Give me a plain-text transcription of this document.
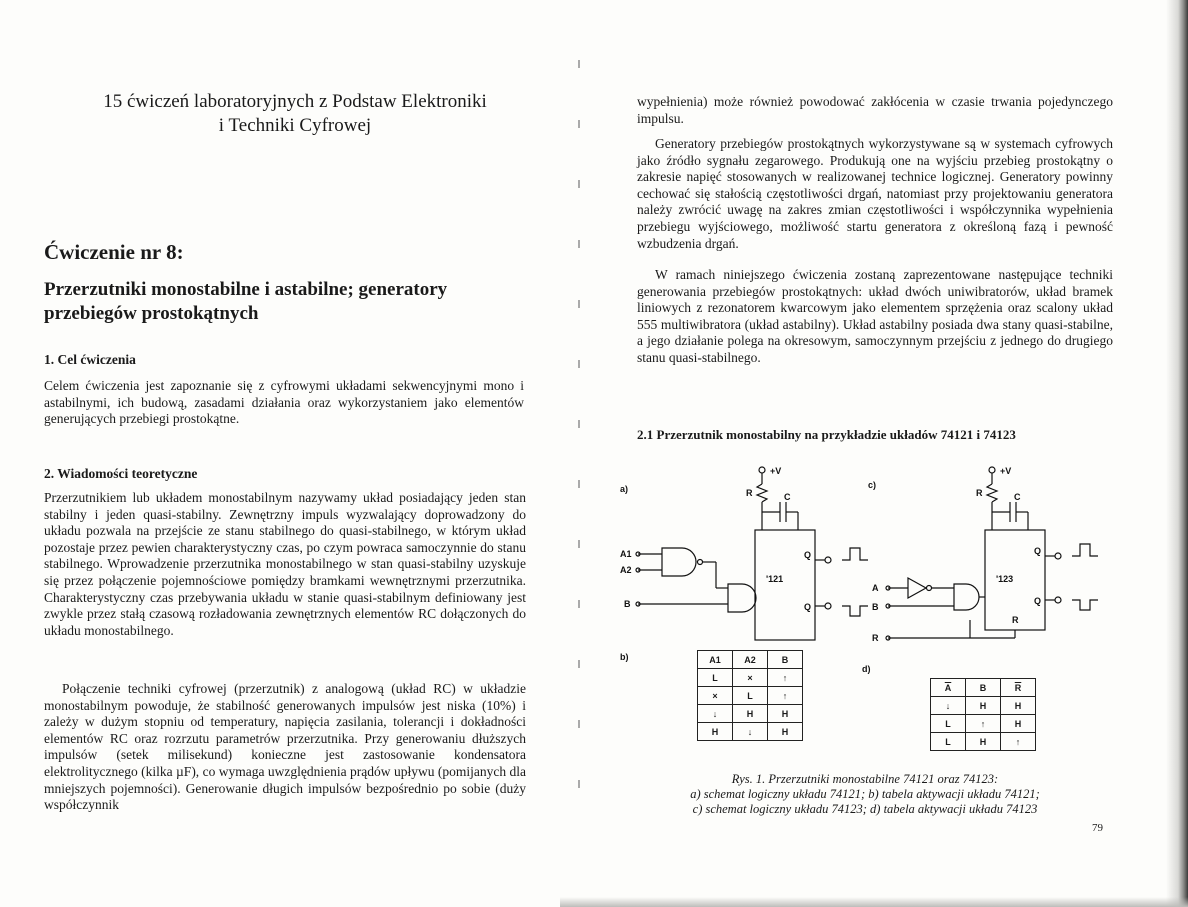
15 ćwiczeń laboratoryjnych z Podstaw Elektroniki
i Techniki Cyfrowej
Ćwiczenie nr 8:
Przerzutniki monostabilne i astabilne; generatory przebiegów prostokątnych
1. Cel ćwiczenia
Celem ćwiczenia jest zapoznanie się z cyfrowymi układami sekwencyjnymi mono i astabilnymi, ich budową, zasadami działania oraz wykorzystaniem jako elementów generujących przebiegi prostokątne.
2. Wiadomości teoretyczne
Przerzutnikiem lub układem monostabilnym nazywamy układ posiadający jeden stan stabilny i jeden quasi-stabilny. Zewnętrzny impuls wyzwalający doprowadzony do układu pozwala na przejście ze stanu stabilnego do quasi-stabilnego, w którym układ pozostaje przez pewien charakterystyczny czas, po czym powraca samoczynnie do stanu stabilnego. Wprowadzenie przerzutnika monostabilnego w stan quasi-stabilny uzyskuje się przez połączenie pojemnościowe pomiędzy bramkami wewnętrznymi przerzutnika. Charakterystyczny czas przebywania układu w stanie quasi-stabilnym definiowany jest zwykle przez stałą czasową rozładowania zewnętrznych elementów RC dołączonych do układu monostabilnego.
Połączenie techniki cyfrowej (przerzutnik) z analogową (układ RC) w układzie monostabilnym powoduje, że stabilność generowanych impulsów jest niska (10%) i zależy w dużym stopniu od temperatury, napięcia zasilania, tolerancji i dokładności elementów RC oraz rozrzutu parametrów przerzutnika. Przy generowaniu dłuższych impulsów (setek milisekund) konieczne jest zastosowanie kondensatora elektrolitycznego (kilka µF), co wymaga uwzględnienia prądów upływu (pomijanych dla mniejszych pojemności). Generowanie długich impulsów bezpośrednio po sobie (duży współczynnik
wypełnienia) może również powodować zakłócenia w czasie trwania pojedynczego impulsu.
Generatory przebiegów prostokątnych wykorzystywane są w systemach cyfrowych jako źródło sygnału zegarowego. Produkują one na wyjściu przebieg prostokątny o zakresie napięć stosowanych w realizowanej technice logicznej. Generatory powinny cechować się stałością częstotliwości drgań, natomiast przy projektowaniu generatora należy zwrócić uwagę na zakres zmian częstotliwości i współczynnika wypełnienia przebiegu wyjściowego, możliwość startu generatora z określoną fazą i pewność wzbudzenia drgań.
W ramach niniejszego ćwiczenia zostaną zaprezentowane następujące techniki generowania przebiegów prostokątnych: układ dwóch uniwibratorów, układ bramek liniowych z rezonatorem kwarcowym jako elementem sprzężenia oraz scalony układ 555 multiwibratora (układ astabilny). Układ astabilny posiada dwa stany quasi-stabilne, a jego działanie polega na okresowym, samoczynnym przejściu z jednego do drugiego stanu quasi-stabilnego.
2.1 Przerzutnik monostabilny na przykładzie układów 74121 i 74123
a)	c)
+V	+V
R	C	R	C
'121	'123
A1
A2
B
Q
Q
Q
Q
A
B
R
R
b)
d)
A1	A2	B
L	×	↑
×	L	↑
↓	H	H
H	↓	H
$\overline{A}$	B	$\overline{R}$
↓	H	H
L	↑	H
L	H	↑
Rys. 1. Przerzutniki monostabilne 74121 oraz 74123:
a) schemat logiczny układu 74121; b) tabela aktywacji układu 74121;
c) schemat logiczny układu 74123; d) tabela aktywacji układu 74123
79
